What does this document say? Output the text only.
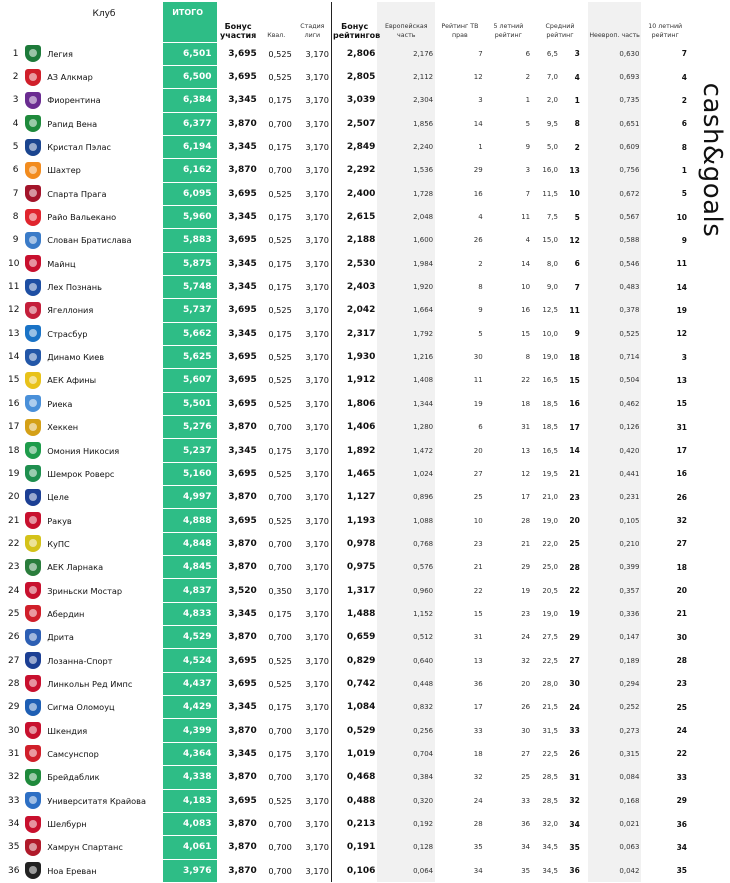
		Клуб	ИТОГО	Бонус участия	Квал.	Стадия лиги	Бонус рейтингов	Европейская часть	Рейтинг ТВ прав	5 летний рейтинг	Средний рейтинг		Неевроп. часть	10 летний рейтинг
1		Легия	6,501	3,695	0,525	3,170	2,806	2,176	7	6	6,5	3	0,630	7
2		АЗ Алкмар	6,500	3,695	0,525	3,170	2,805	2,112	12	2	7,0	4	0,693	4
3		Фиорентина	6,384	3,345	0,175	3,170	3,039	2,304	3	1	2,0	1	0,735	2
4		Рапид Вена	6,377	3,870	0,700	3,170	2,507	1,856	14	5	9,5	8	0,651	6
5		Кристал Пэлас	6,194	3,345	0,175	3,170	2,849	2,240	1	9	5,0	2	0,609	8
6		Шахтер	6,162	3,870	0,700	3,170	2,292	1,536	29	3	16,0	13	0,756	1
7		Спарта Прага	6,095	3,695	0,525	3,170	2,400	1,728	16	7	11,5	10	0,672	5
8		Райо Вальекано	5,960	3,345	0,175	3,170	2,615	2,048	4	11	7,5	5	0,567	10
9		Слован Братислава	5,883	3,695	0,525	3,170	2,188	1,600	26	4	15,0	12	0,588	9
10		Майнц	5,875	3,345	0,175	3,170	2,530	1,984	2	14	8,0	6	0,546	11
11		Лех Познань	5,748	3,345	0,175	3,170	2,403	1,920	8	10	9,0	7	0,483	14
12		Ягеллония	5,737	3,695	0,525	3,170	2,042	1,664	9	16	12,5	11	0,378	19
13		Страсбур	5,662	3,345	0,175	3,170	2,317	1,792	5	15	10,0	9	0,525	12
14		Динамо Киев	5,625	3,695	0,525	3,170	1,930	1,216	30	8	19,0	18	0,714	3
15		АЕК Афины	5,607	3,695	0,525	3,170	1,912	1,408	11	22	16,5	15	0,504	13
16		Риека	5,501	3,695	0,525	3,170	1,806	1,344	19	18	18,5	16	0,462	15
17		Хеккен	5,276	3,870	0,700	3,170	1,406	1,280	6	31	18,5	17	0,126	31
18		Омония Никосия	5,237	3,345	0,175	3,170	1,892	1,472	20	13	16,5	14	0,420	17
19		Шемрок Роверс	5,160	3,695	0,525	3,170	1,465	1,024	27	12	19,5	21	0,441	16
20		Целе	4,997	3,870	0,700	3,170	1,127	0,896	25	17	21,0	23	0,231	26
21		Ракув	4,888	3,695	0,525	3,170	1,193	1,088	10	28	19,0	20	0,105	32
22		КуПС	4,848	3,870	0,700	3,170	0,978	0,768	23	21	22,0	25	0,210	27
23		АЕК Ларнака	4,845	3,870	0,700	3,170	0,975	0,576	21	29	25,0	28	0,399	18
24		Зриньски Мостар	4,837	3,520	0,350	3,170	1,317	0,960	22	19	20,5	22	0,357	20
25		Абердин	4,833	3,345	0,175	3,170	1,488	1,152	15	23	19,0	19	0,336	21
26		Дрита	4,529	3,870	0,700	3,170	0,659	0,512	31	24	27,5	29	0,147	30
27		Лозанна-Спорт	4,524	3,695	0,525	3,170	0,829	0,640	13	32	22,5	27	0,189	28
28		Линкольн Ред Импс	4,437	3,695	0,525	3,170	0,742	0,448	36	20	28,0	30	0,294	23
29		Сигма Оломоуц	4,429	3,345	0,175	3,170	1,084	0,832	17	26	21,5	24	0,252	25
30		Шкендия	4,399	3,870	0,700	3,170	0,529	0,256	33	30	31,5	33	0,273	24
31		Самсунспор	4,364	3,345	0,175	3,170	1,019	0,704	18	27	22,5	26	0,315	22
32		Брейдаблик	4,338	3,870	0,700	3,170	0,468	0,384	32	25	28,5	31	0,084	33
33		Университатя Крайова	4,183	3,695	0,525	3,170	0,488	0,320	24	33	28,5	32	0,168	29
34		Шелбурн	4,083	3,870	0,700	3,170	0,213	0,192	28	36	32,0	34	0,021	36
35		Хамрун Спартанс	4,061	3,870	0,700	3,170	0,191	0,128	35	34	34,5	35	0,063	34
36		Ноа Ереван	3,976	3,870	0,700	3,170	0,106	0,064	34	35	34,5	36	0,042	35
cash&goals
